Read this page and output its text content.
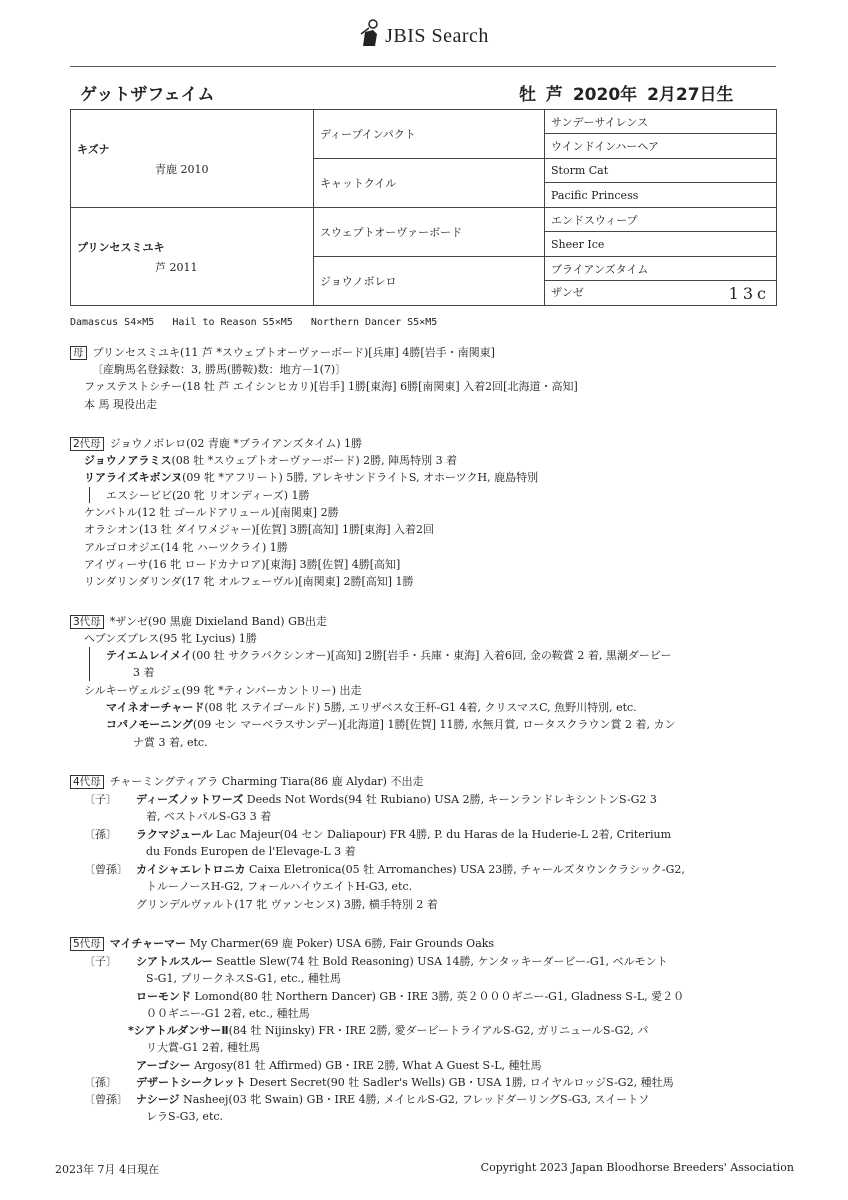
JBIS Search
ゲットザフェイム	牡 芦 2020年 2月27日生
キズナ
青鹿 2010	ディープインパクト	サンデーサイレンス
		ウインドインハーヘア
	キャットクイル	Storm Cat
		Pacific Princess

プリンセスミユキ
芦 2011	スウェプトオーヴァーボード	エンドスウィープ
		Sheer Ice
	ジョウノボレロ	ブライアンズタイム
		ザンゼ 13c
Damascus S4×M5   Hail to Reason S5×M5   Northern Dancer S5×M5
母 プリンセスミユキ(11 芦 *スウェプトオーヴァーボード)[兵庫] 4勝[岩手・南関東]
〔産駒馬名登録数：3, 勝馬(勝鞍)数：地方－1(7)〕
ファステストシチー(18 牡 芦 エイシンヒカリ)[岩手] 1勝[東海] 6勝[南関東] 入着2回[北海道・高知]
本 馬 現役出走
2代母 ジョウノボレロ(02 青鹿 *ブライアンズタイム) 1勝
ジョウノアラミス(08 牡 *スウェプトオーヴァーボード) 2勝, 陣馬特別 3 着
リアライズキボンヌ(09 牝 *アフリート) 5勝, アレキサンドライトS, オホーツクH, 鹿島特別
エスシービビ(20 牝 リオンディーズ) 1勝
ケンバトル(12 牡 ゴールドアリュール)[南関東] 2勝
オラシオン(13 牡 ダイワメジャー)[佐賀] 3勝[高知] 1勝[東海] 入着2回
アルゴロオジエ(14 牝 ハーツクライ) 1勝
アイヴィーサ(16 牝 ロードカナロア)[東海] 3勝[佐賀] 4勝[高知]
リンダリンダリンダ(17 牝 オルフェーヴル)[南関東] 2勝[高知] 1勝
3代母 *ザンゼ(90 黒鹿 Dixieland Band) GB出走
ヘブンズプレス(95 牝 Lycius) 1勝
テイエムレイメイ(00 牡 サクラバクシンオー)[高知] 2勝[岩手・兵庫・東海] 入着6回, 金の鞍賞 2 着, 黒潮ダービー
3 着
シルキーヴェルジェ(99 牝 *ティンバーカントリー) 出走
マイネオーチャード(08 牝 ステイゴールド) 5勝, エリザベス女王杯-G1 4着, クリスマスC, 魚野川特別, etc.
コパノモーニング(09 セン マーベラスサンデー)[北海道] 1勝[佐賀] 11勝, 水無月賞, ロータスクラウン賞 2 着, カン
ナ賞 3 着, etc.
4代母 チャーミングティアラ Charming Tiara(86 鹿 Alydar) 不出走
〔子〕 ディーズノットワーズ Deeds Not Words(94 牡 Rubiano) USA 2勝, キーンランドレキシントンS-G2 3
着, ベストパルS-G3 3 着
〔孫〕 ラクマジュール Lac Majeur(04 セン Daliapour) FR 4勝, P. du Haras de la Huderie-L 2着, Criterium
du Fonds Europen de l'Elevage-L 3 着
〔曾孫〕 カイシャエレトロニカ Caixa Eletronica(05 牡 Arromanches) USA 23勝, チャールズタウンクラシック-G2,
トルーノースH-G2, フォールハイウエイトH-G3, etc.
グリンデルヴァルト(17 牝 ヴァンセンヌ) 3勝, 横手特別 2 着
5代母 マイチャーマー My Charmer(69 鹿 Poker) USA 6勝, Fair Grounds Oaks
〔子〕 シアトルスルー Seattle Slew(74 牡 Bold Reasoning) USA 14勝, ケンタッキーダービー-G1, ベルモント
S-G1, プリークネスS-G1, etc., 種牡馬
ローモンド Lomond(80 牡 Northern Dancer) GB・IRE 3勝, 英２０００ギニー-G1, Gladness S-L, 愛２０
００ギニー-G1 2着, etc., 種牡馬
*シアトルダンサーⅡ(84 牡 Nijinsky) FR・IRE 2勝, 愛ダービートライアルS-G2, ガリニュールS-G2, パ
リ大賞-G1 2着, 種牡馬
アーゴシー Argosy(81 牡 Affirmed) GB・IRE 2勝, What A Guest S-L, 種牡馬
〔孫〕 デザートシークレット Desert Secret(90 牡 Sadler's Wells) GB・USA 1勝, ロイヤルロッジS-G2, 種牡馬
〔曾孫〕 ナシージ Nasheej(03 牝 Swain) GB・IRE 4勝, メイヒルS-G2, フレッドダーリングS-G3, スイートソ
レラS-G3, etc.
2023年 7月 4日現在	Copyright 2023 Japan Bloodhorse Breeders' Association
